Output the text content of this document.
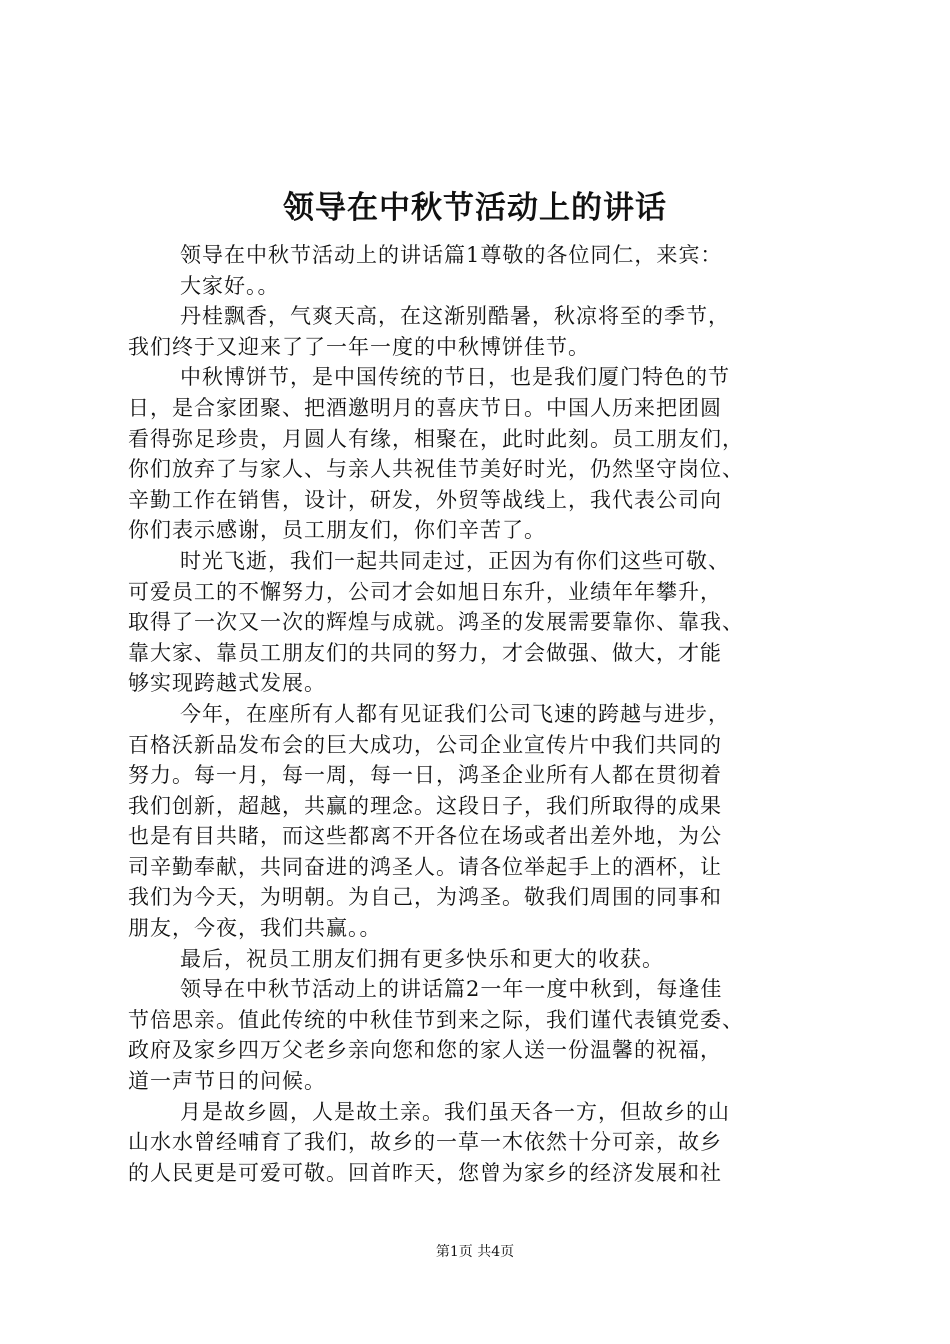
领导在中秋节活动上的讲话
领导在中秋节活动上的讲话篇1尊敬的各位同仁，来宾：
大家好。。
丹桂飘香，气爽天高，在这渐别酷暑，秋凉将至的季节，
我们终于又迎来了了一年一度的中秋博饼佳节。
中秋博饼节，是中国传统的节日，也是我们厦门特色的节
日，是合家团聚、把酒邀明月的喜庆节日。中国人历来把团圆
看得弥足珍贵，月圆人有缘，相聚在，此时此刻。员工朋友们，
你们放弃了与家人、与亲人共祝佳节美好时光，仍然坚守岗位、
辛勤工作在销售，设计，研发，外贸等战线上，我代表公司向
你们表示感谢，员工朋友们，你们辛苦了。
时光飞逝，我们一起共同走过，正因为有你们这些可敬、
可爱员工的不懈努力，公司才会如旭日东升，业绩年年攀升，
取得了一次又一次的辉煌与成就。鸿圣的发展需要靠你、靠我、
靠大家、靠员工朋友们的共同的努力，才会做强、做大，才能
够实现跨越式发展。
今年，在座所有人都有见证我们公司飞速的跨越与进步，
百格沃新品发布会的巨大成功，公司企业宣传片中我们共同的
努力。每一月，每一周，每一日，鸿圣企业所有人都在贯彻着
我们创新，超越，共赢的理念。这段日子，我们所取得的成果
也是有目共睹，而这些都离不开各位在场或者出差外地，为公
司辛勤奉献，共同奋进的鸿圣人。请各位举起手上的酒杯，让
我们为今天，为明朝。为自己，为鸿圣。敬我们周围的同事和
朋友，今夜，我们共赢。。
最后，祝员工朋友们拥有更多快乐和更大的收获。
领导在中秋节活动上的讲话篇2一年一度中秋到，每逢佳
节倍思亲。值此传统的中秋佳节到来之际，我们谨代表镇党委、
政府及家乡四万父老乡亲向您和您的家人送一份温馨的祝福，
道一声节日的问候。
月是故乡圆，人是故土亲。我们虽天各一方，但故乡的山
山水水曾经哺育了我们，故乡的一草一木依然十分可亲，故乡
的人民更是可爱可敬。回首昨天，您曾为家乡的经济发展和社
第1页 共4页
